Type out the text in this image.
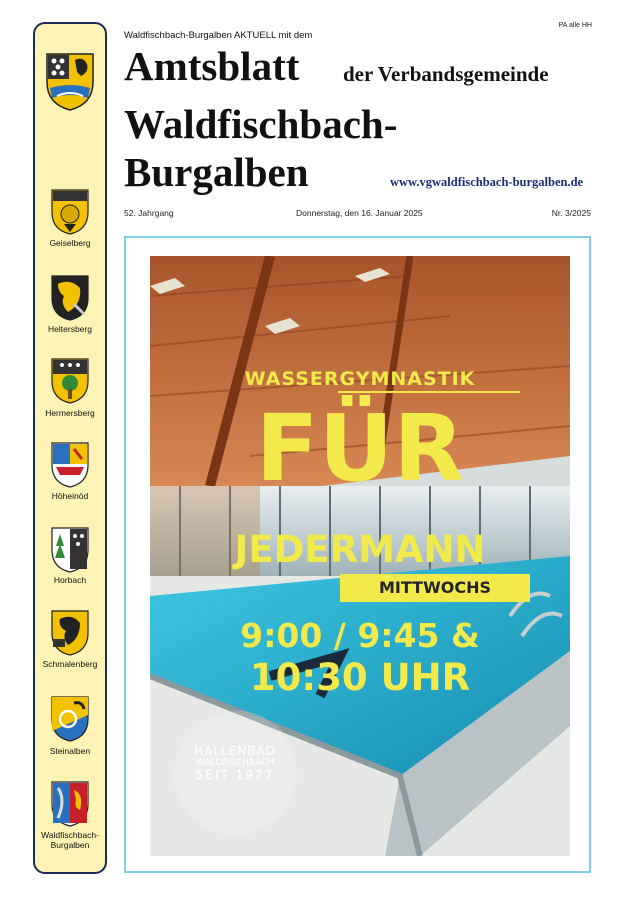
Geiselberg
Heltersberg
Hermersberg
Höheinöd
Horbach
Schmalenberg
Steinalben
Waldfischbach-
Burgalben
PA alle HH
Waldfischbach-Burgalben AKTUELL mit dem
Amtsblatt der Verbandsgemeinde
Waldfischbach-
Burgalben	www.vgwaldfischbach-burgalben.de
52. Jahrgang	Donnerstag, den 16. Januar 2025	Nr. 3/2025
WASSERGYMNASTIK
FÜR
JEDERMANN
MITTWOCHS
9:00 / 9:45 &
10:30 UHR
HALLENBAD
WALDFISCHBACH
SEIT 1977
